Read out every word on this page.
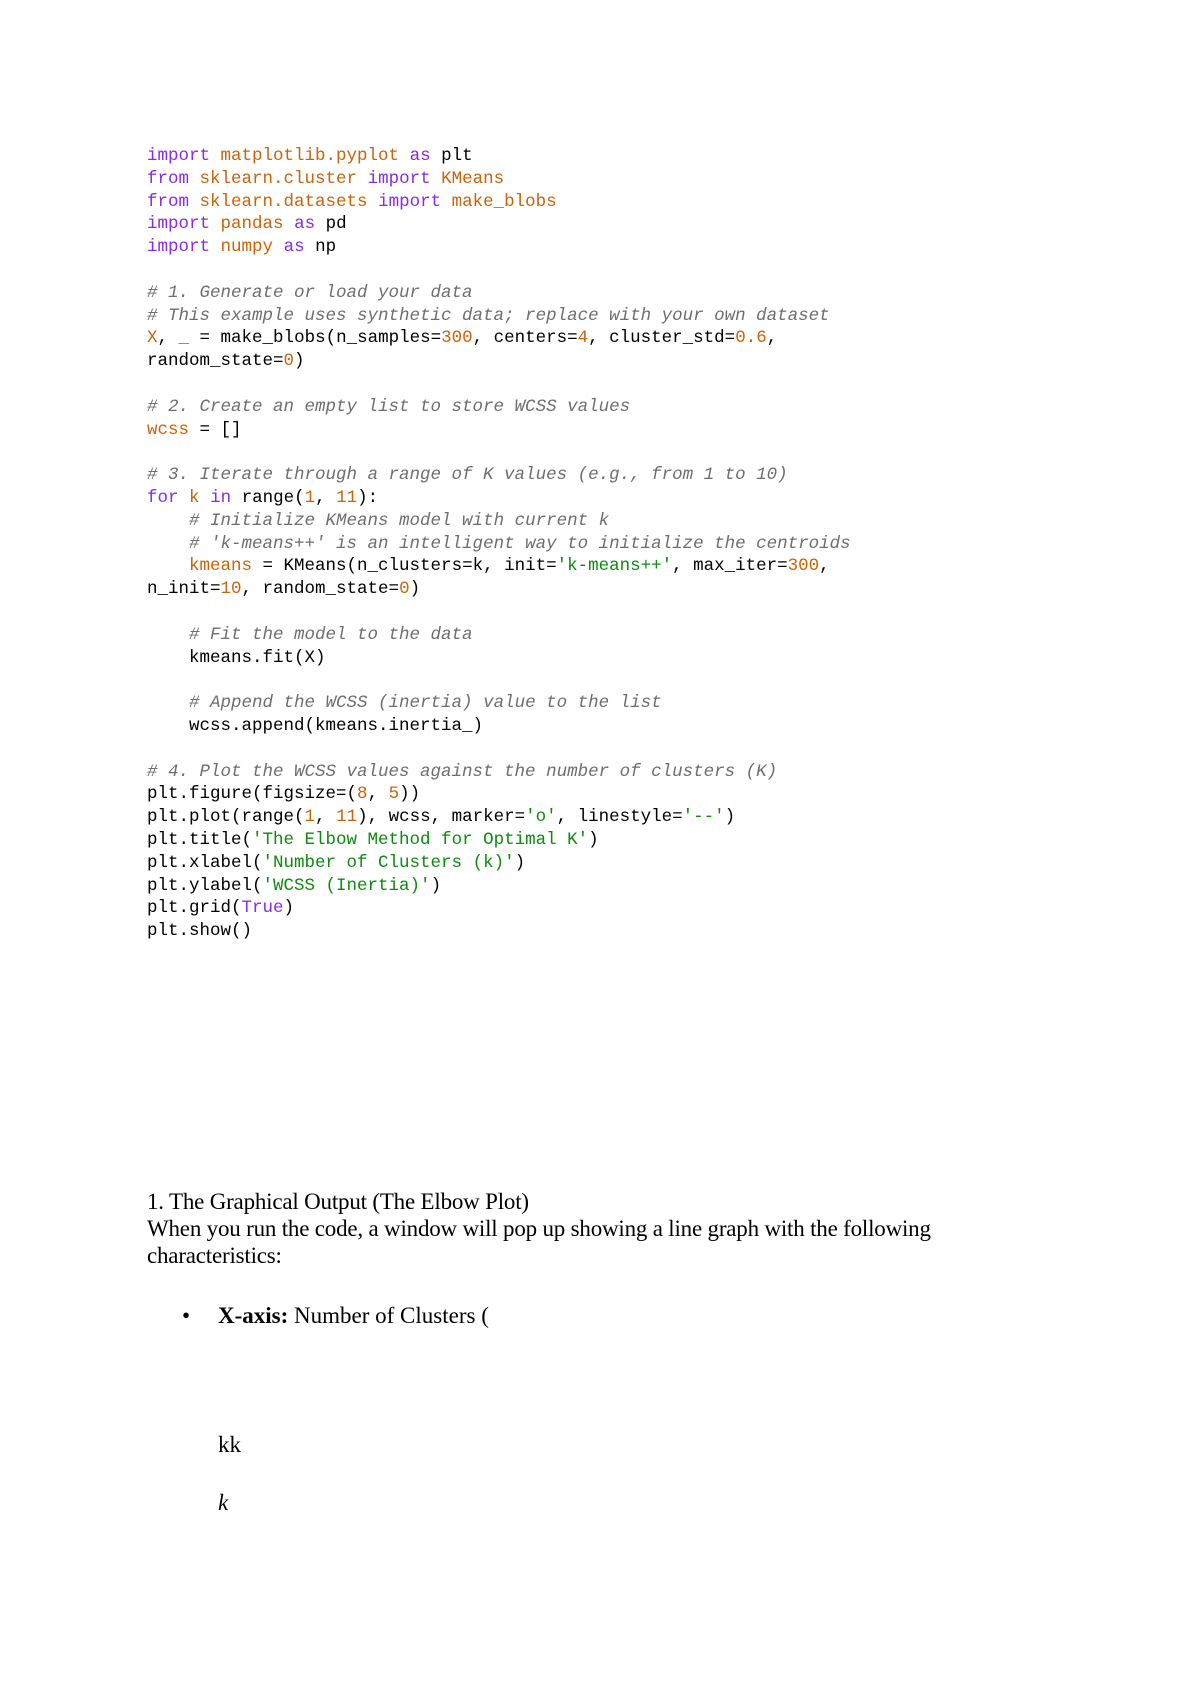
import matplotlib.pyplot as plt
from sklearn.cluster import KMeans
from sklearn.datasets import make_blobs
import pandas as pd
import numpy as np

# 1. Generate or load your data
# This example uses synthetic data; replace with your own dataset
X, _ = make_blobs(n_samples=300, centers=4, cluster_std=0.6,
random_state=0)

# 2. Create an empty list to store WCSS values
wcss = []

# 3. Iterate through a range of K values (e.g., from 1 to 10)
for k in range(1, 11):
# Initialize KMeans model with current k
# 'k-means++' is an intelligent way to initialize the centroids
kmeans = KMeans(n_clusters=k, init='k-means++', max_iter=300,
n_init=10, random_state=0)

# Fit the model to the data
kmeans.fit(X)

# Append the WCSS (inertia) value to the list
wcss.append(kmeans.inertia_)

# 4. Plot the WCSS values against the number of clusters (K)
plt.figure(figsize=(8, 5))
plt.plot(range(1, 11), wcss, marker='o', linestyle='--')
plt.title('The Elbow Method for Optimal K')
plt.xlabel('Number of Clusters (k)')
plt.ylabel('WCSS (Inertia)')
plt.grid(True)
plt.show()
1. The Graphical Output (The Elbow Plot)
When you run the code, a window will pop up showing a line graph with the following characteristics:
• X-axis: Number of Clusters (
kk
k
